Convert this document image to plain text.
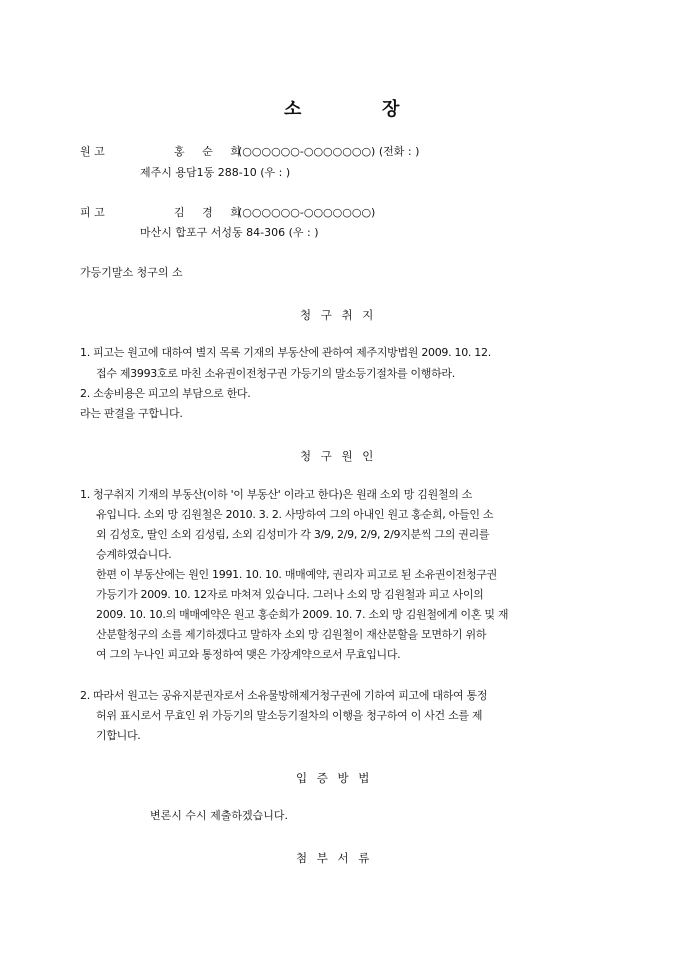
소	장
원 고	홍 순 희
(○○○○○○-○○○○○○○) (전화 : )
제주시 용담1동 288-10 (우 : )
피 고	김 경 희
(○○○○○○-○○○○○○○)
마산시 합포구 서성동 84-306 (우 : )
가등기말소 청구의 소
청 구 취 지
1. 피고는 원고에 대하여 별지 목록 기재의 부동산에 관하여 제주지방법원 2009. 10. 12.
접수 제3993호로 마친 소유권이전청구권 가등기의 말소등기절차를 이행하라.
2. 소송비용은 피고의 부담으로 한다.
라는 판결을 구합니다.
청 구 원 인
1. 청구취지 기재의 부동산(이하 '이 부동산' 이라고 한다)은 원래 소외 망 김원철의 소
유입니다. 소외 망 김원철은 2010. 3. 2. 사망하여 그의 아내인 원고 홍순희, 아들인 소
외 김성호, 딸인 소외 김성림, 소외 김성미가 각 3/9, 2/9, 2/9, 2/9지분씩 그의 권리를
승계하였습니다.
한편 이 부동산에는 원인 1991. 10. 10. 매매예약, 권리자 피고로 된 소유권이전청구권
가등기가 2009. 10. 12자로 마쳐져 있습니다. 그러나 소외 망 김원철과 피고 사이의
2009. 10. 10.의 매매예약은 원고 홍순희가 2009. 10. 7. 소외 망 김원철에게 이혼 및 재
산분할청구의 소를 제기하겠다고 말하자 소외 망 김원철이 재산분할을 모면하기 위하
여 그의 누나인 피고와 통정하여 맺은 가장계약으로서 무효입니다.
2. 따라서 원고는 공유지분권자로서 소유물방해제거청구권에 기하여 피고에 대하여 통정
허위 표시로서 무효인 위 가등기의 말소등기절차의 이행을 청구하여 이 사건 소를 제
기합니다.
입 증 방 법
변론시 수시 제출하겠습니다.
첨 부 서 류
